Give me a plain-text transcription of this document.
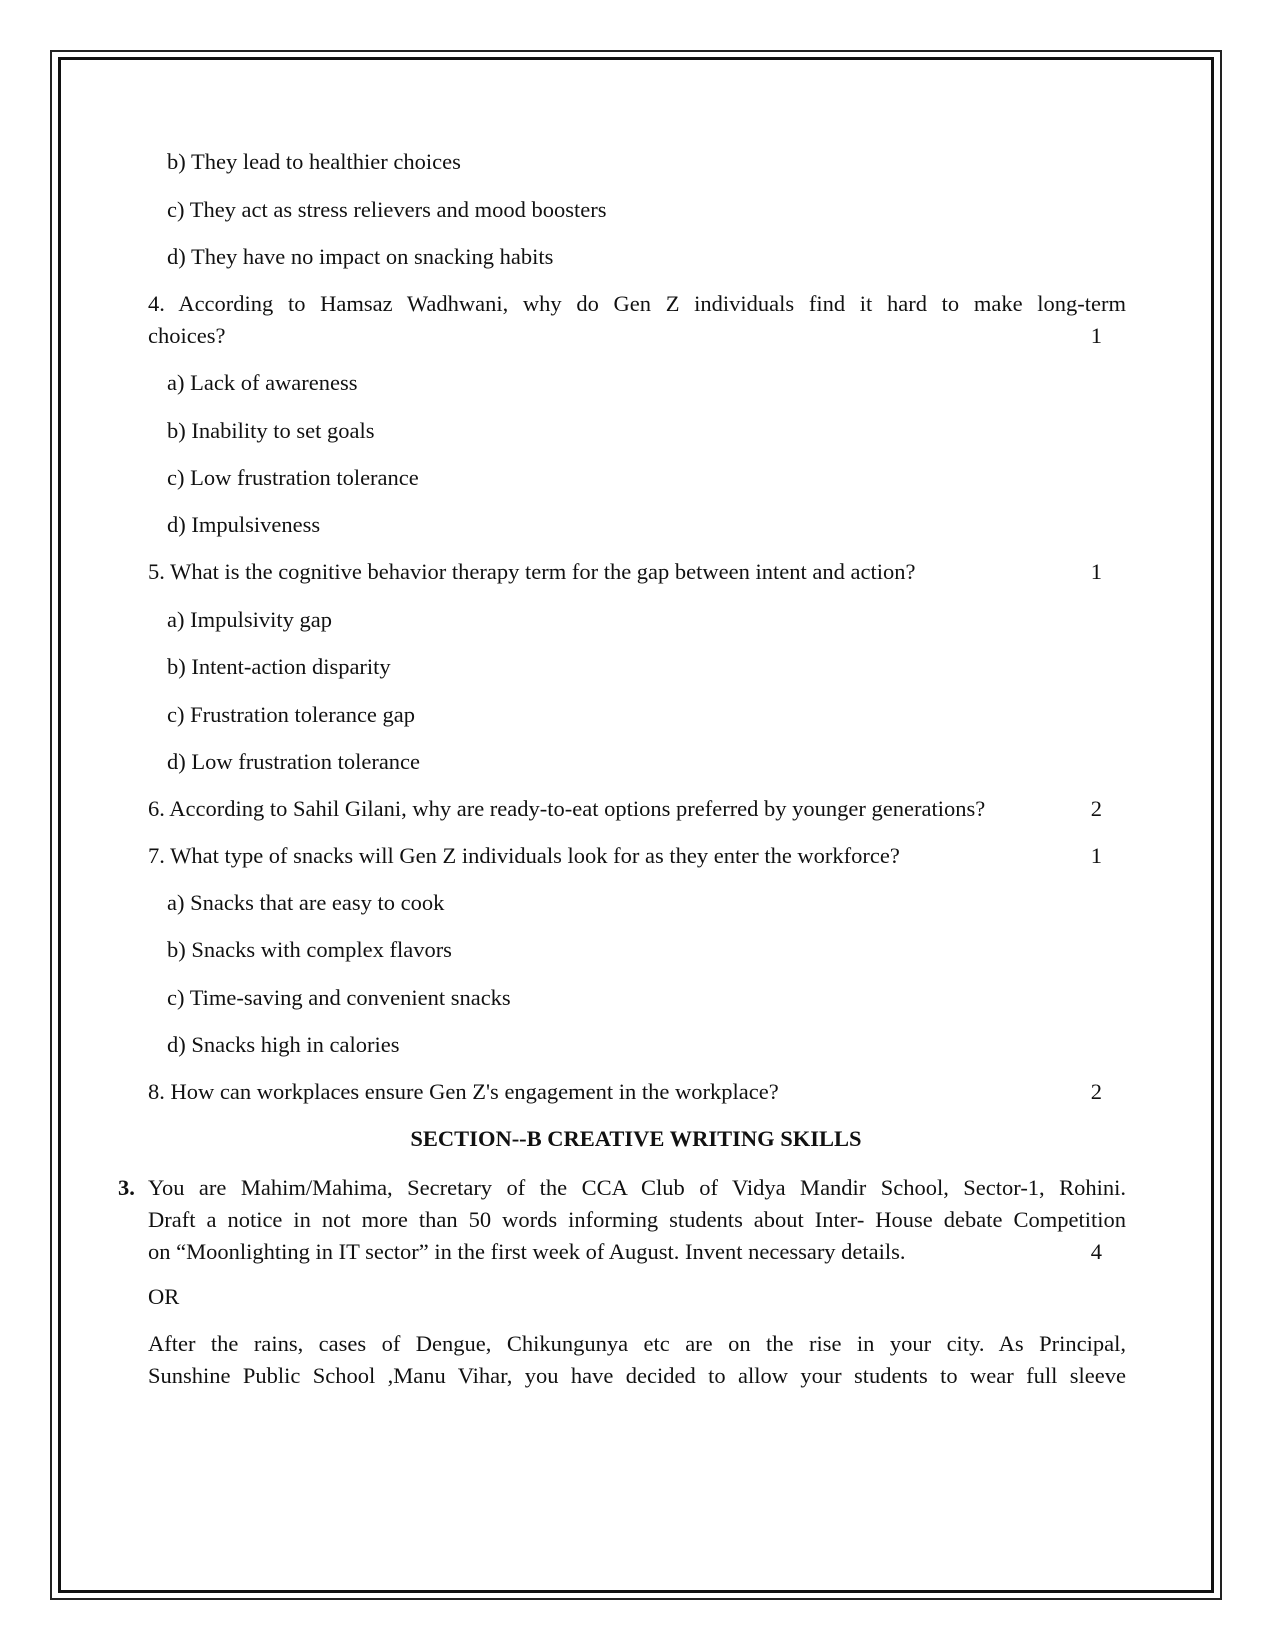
b) They lead to healthier choices
c) They act as stress relievers and mood boosters
d) They have no impact on snacking habits
4. According to Hamsaz Wadhwani, why do Gen Z individuals find it hard to make long-term
choices?	1
a) Lack of awareness
b) Inability to set goals
c) Low frustration tolerance
d) Impulsiveness
5. What is the cognitive behavior therapy term for the gap between intent and action?	1
a) Impulsivity gap
b) Intent-action disparity
c) Frustration tolerance gap
d) Low frustration tolerance
6. According to Sahil Gilani, why are ready-to-eat options preferred by younger generations?	2
7. What type of snacks will Gen Z individuals look for as they enter the workforce?	1
a) Snacks that are easy to cook
b) Snacks with complex flavors
c) Time-saving and convenient snacks
d) Snacks high in calories
8. How can workplaces ensure Gen Z's engagement in the workplace?	2
SECTION--B CREATIVE WRITING SKILLS
3. You are Mahim/Mahima, Secretary of the CCA Club of Vidya Mandir School, Sector-1, Rohini.
Draft a notice in not more than 50 words informing students about Inter- House debate Competition
on “Moonlighting in IT sector” in the first week of August. Invent necessary details.	4
OR
After the rains, cases of Dengue, Chikungunya etc are on the rise in your city. As Principal,
Sunshine Public School ,Manu Vihar, you have decided to allow your students to wear full sleeve
